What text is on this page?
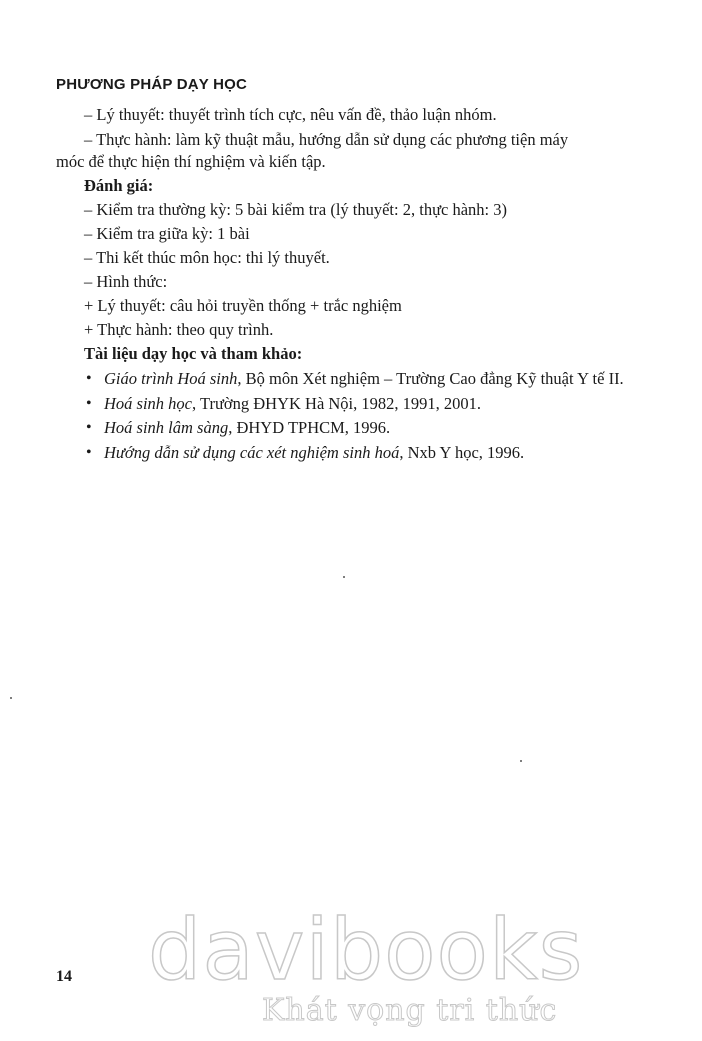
PHƯƠNG PHÁP DẠY HỌC
– Lý thuyết: thuyết trình tích cực, nêu vấn đề, thảo luận nhóm.
– Thực hành: làm kỹ thuật mẫu, hướng dẫn sử dụng các phương tiện máy
móc để thực hiện thí nghiệm và kiến tập.
Đánh giá:
– Kiểm tra thường kỳ: 5 bài kiểm tra (lý thuyết: 2, thực hành: 3)
– Kiểm tra giữa kỳ: 1 bài
– Thi kết thúc môn học: thi lý thuyết.
– Hình thức:
+ Lý thuyết: câu hỏi truyền thống + trắc nghiệm
+ Thực hành: theo quy trình.
Tài liệu dạy học và tham khảo:
• Giáo trình Hoá sinh, Bộ môn Xét nghiệm – Trường Cao đẳng Kỹ thuật Y tế II.
• Hoá sinh học, Trường ĐHYK Hà Nội, 1982, 1991, 2001.
• Hoá sinh lâm sàng, ĐHYD TPHCM, 1996.
• Hướng dẫn sử dụng các xét nghiệm sinh hoá, Nxb Y học, 1996.
14 davibooks
Khát vọng tri thức
